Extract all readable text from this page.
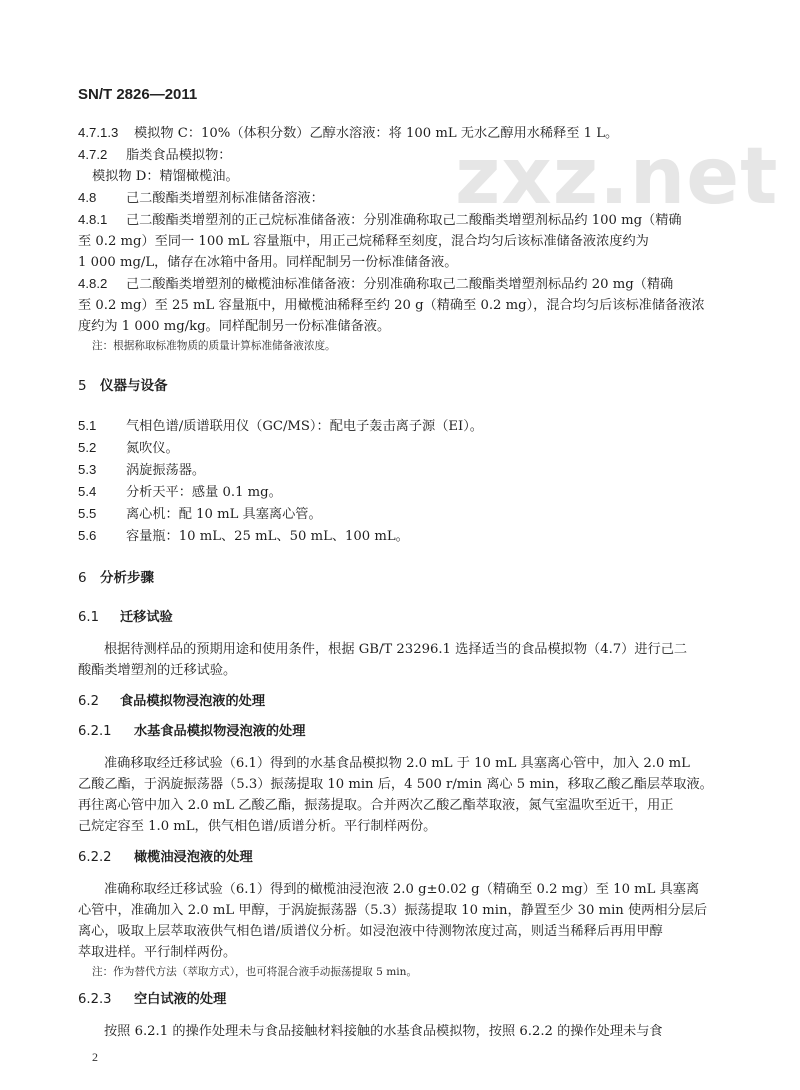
zxz.net
SN/T 2826—2011

4.7.1.3 模拟物 C：10%（体积分数）乙醇水溶液：将 100 mL 无水乙醇用水稀释至 1 L。

4.7.2 脂类食品模拟物：

模拟物 D：精馏橄榄油。

4.8 己二酸酯类增塑剂标准储备溶液：

4.8.1 己二酸酯类增塑剂的正己烷标准储备液：分别准确称取己二酸酯类增塑剂标品约 100 mg（精确

至 0.2 mg）至同一 100 mL 容量瓶中，用正己烷稀释至刻度，混合均匀后该标准储备液浓度约为

1 000 mg/L，储存在冰箱中备用。同样配制另一份标准储备液。

4.8.2 己二酸酯类增塑剂的橄榄油标准储备液：分别准确称取己二酸酯类增塑剂标品约 20 mg（精确

至 0.2 mg）至 25 mL 容量瓶中，用橄榄油稀释至约 20 g（精确至 0.2 mg），混合均匀后该标准储备液浓

度约为 1 000 mg/kg。同样配制另一份标准储备液。

注：根据称取标准物质的质量计算标准储备液浓度。

5 仪器与设备

5.1 气相色谱/质谱联用仪（GC/MS）：配电子轰击离子源（EI）。

5.2 氮吹仪。

5.3 涡旋振荡器。

5.4 分析天平：感量 0.1 mg。

5.5 离心机：配 10 mL 具塞离心管。

5.6 容量瓶：10 mL、25 mL、50 mL、100 mL。

6 分析步骤

6.1 迁移试验

根据待测样品的预期用途和使用条件，根据 GB/T 23296.1 选择适当的食品模拟物（4.7）进行己二

酸酯类增塑剂的迁移试验。

6.2 食品模拟物浸泡液的处理

6.2.1 水基食品模拟物浸泡液的处理

准确移取经迁移试验（6.1）得到的水基食品模拟物 2.0 mL 于 10 mL 具塞离心管中，加入 2.0 mL

乙酸乙酯，于涡旋振荡器（5.3）振荡提取 10 min 后，4 500 r/min 离心 5 min，移取乙酸乙酯层萃取液。

再往离心管中加入 2.0 mL 乙酸乙酯，振荡提取。合并两次乙酸乙酯萃取液，氮气室温吹至近干，用正

己烷定容至 1.0 mL，供气相色谱/质谱分析。平行制样两份。

6.2.2 橄榄油浸泡液的处理

准确称取经迁移试验（6.1）得到的橄榄油浸泡液 2.0 g±0.02 g（精确至 0.2 mg）至 10 mL 具塞离

心管中，准确加入 2.0 mL 甲醇，于涡旋振荡器（5.3）振荡提取 10 min，静置至少 30 min 使两相分层后

离心，吸取上层萃取液供气相色谱/质谱仪分析。如浸泡液中待测物浓度过高，则适当稀释后再用甲醇

萃取进样。平行制样两份。

注：作为替代方法（萃取方式），也可将混合液手动振荡提取 5 min。

6.2.3 空白试液的处理

按照 6.2.1 的操作处理未与食品接触材料接触的水基食品模拟物，按照 6.2.2 的操作处理未与食

2
